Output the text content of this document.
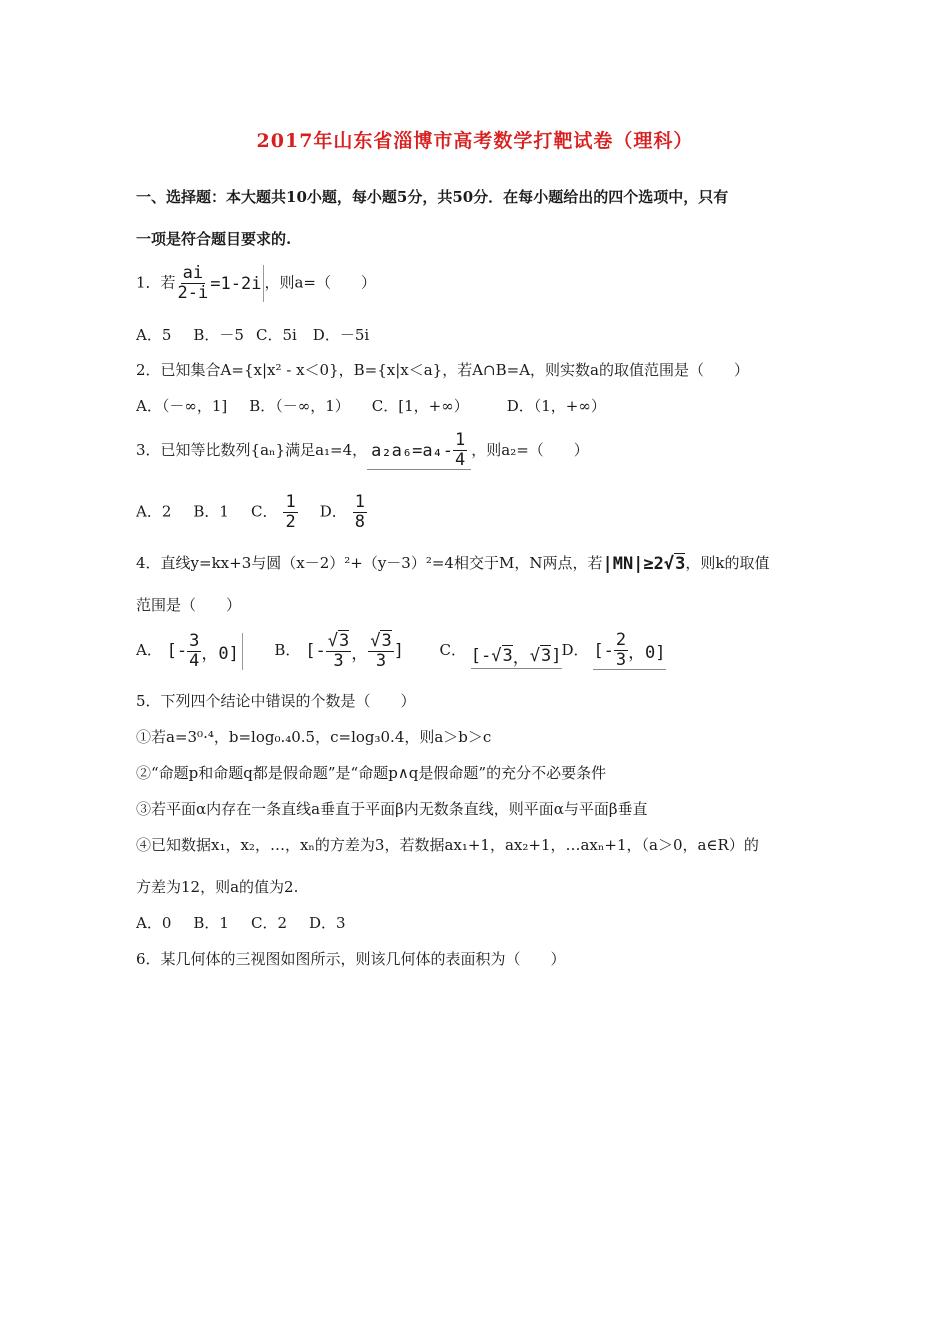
2017年山东省淄博市高考数学打靶试卷（理科）
一、选择题：本大题共10小题，每小题5分，共50分．在每小题给出的四个选项中，只有
一项是符合题目要求的.
1．若 $\frac{ai}{2-i} =1-2i$ ，则a=（　　）
A．5 B．－5 C．5i D．－5i
2．已知集合A={x|x² - x＜0}，B={x|x＜a}，若A∩B=A，则实数a的取值范围是（　　）
A．（－∞，1] B．（－∞，1） C．[1，+∞）	D．（1，+∞）
3．已知等比数列{aₙ}满足a₁=4， $a_2a_6=a_4- \frac{1}{4}$ ，则a₂=（　　）
A．2 B．1 C． $\frac{1}{2}$ D． $\frac{1}{8}$
4．直线y=kx+3与圆（x－2）²+（y－3）²=4相交于M，N两点，若 |MN|≥2 √3 ，则k的取值
范围是（　　）
A． [- $\frac{3}{4}$ ，0] B． [- $\frac{√3}{3}$ ， $\frac{√3}{3}$ ] C． [- √3 ， √3 ]D． [- $\frac{2}{3}$ ，0]
5．下列四个结论中错误的个数是（　　）
①若a=3⁰·⁴，b=log₀.₄0.5，c=log₃0.4，则a＞b＞c
②“命题p和命题q都是假命题”是“命题p∧q是假命题”的充分不必要条件
③若平面α内存在一条直线a垂直于平面β内无数条直线，则平面α与平面β垂直
④已知数据x₁，x₂，…，xₙ的方差为3，若数据ax₁+1，ax₂+1，…axₙ+1，（a＞0，a∈R）的
方差为12，则a的值为2.
A．0 B．1 C．2 D．3
6．某几何体的三视图如图所示，则该几何体的表面积为（　　）
